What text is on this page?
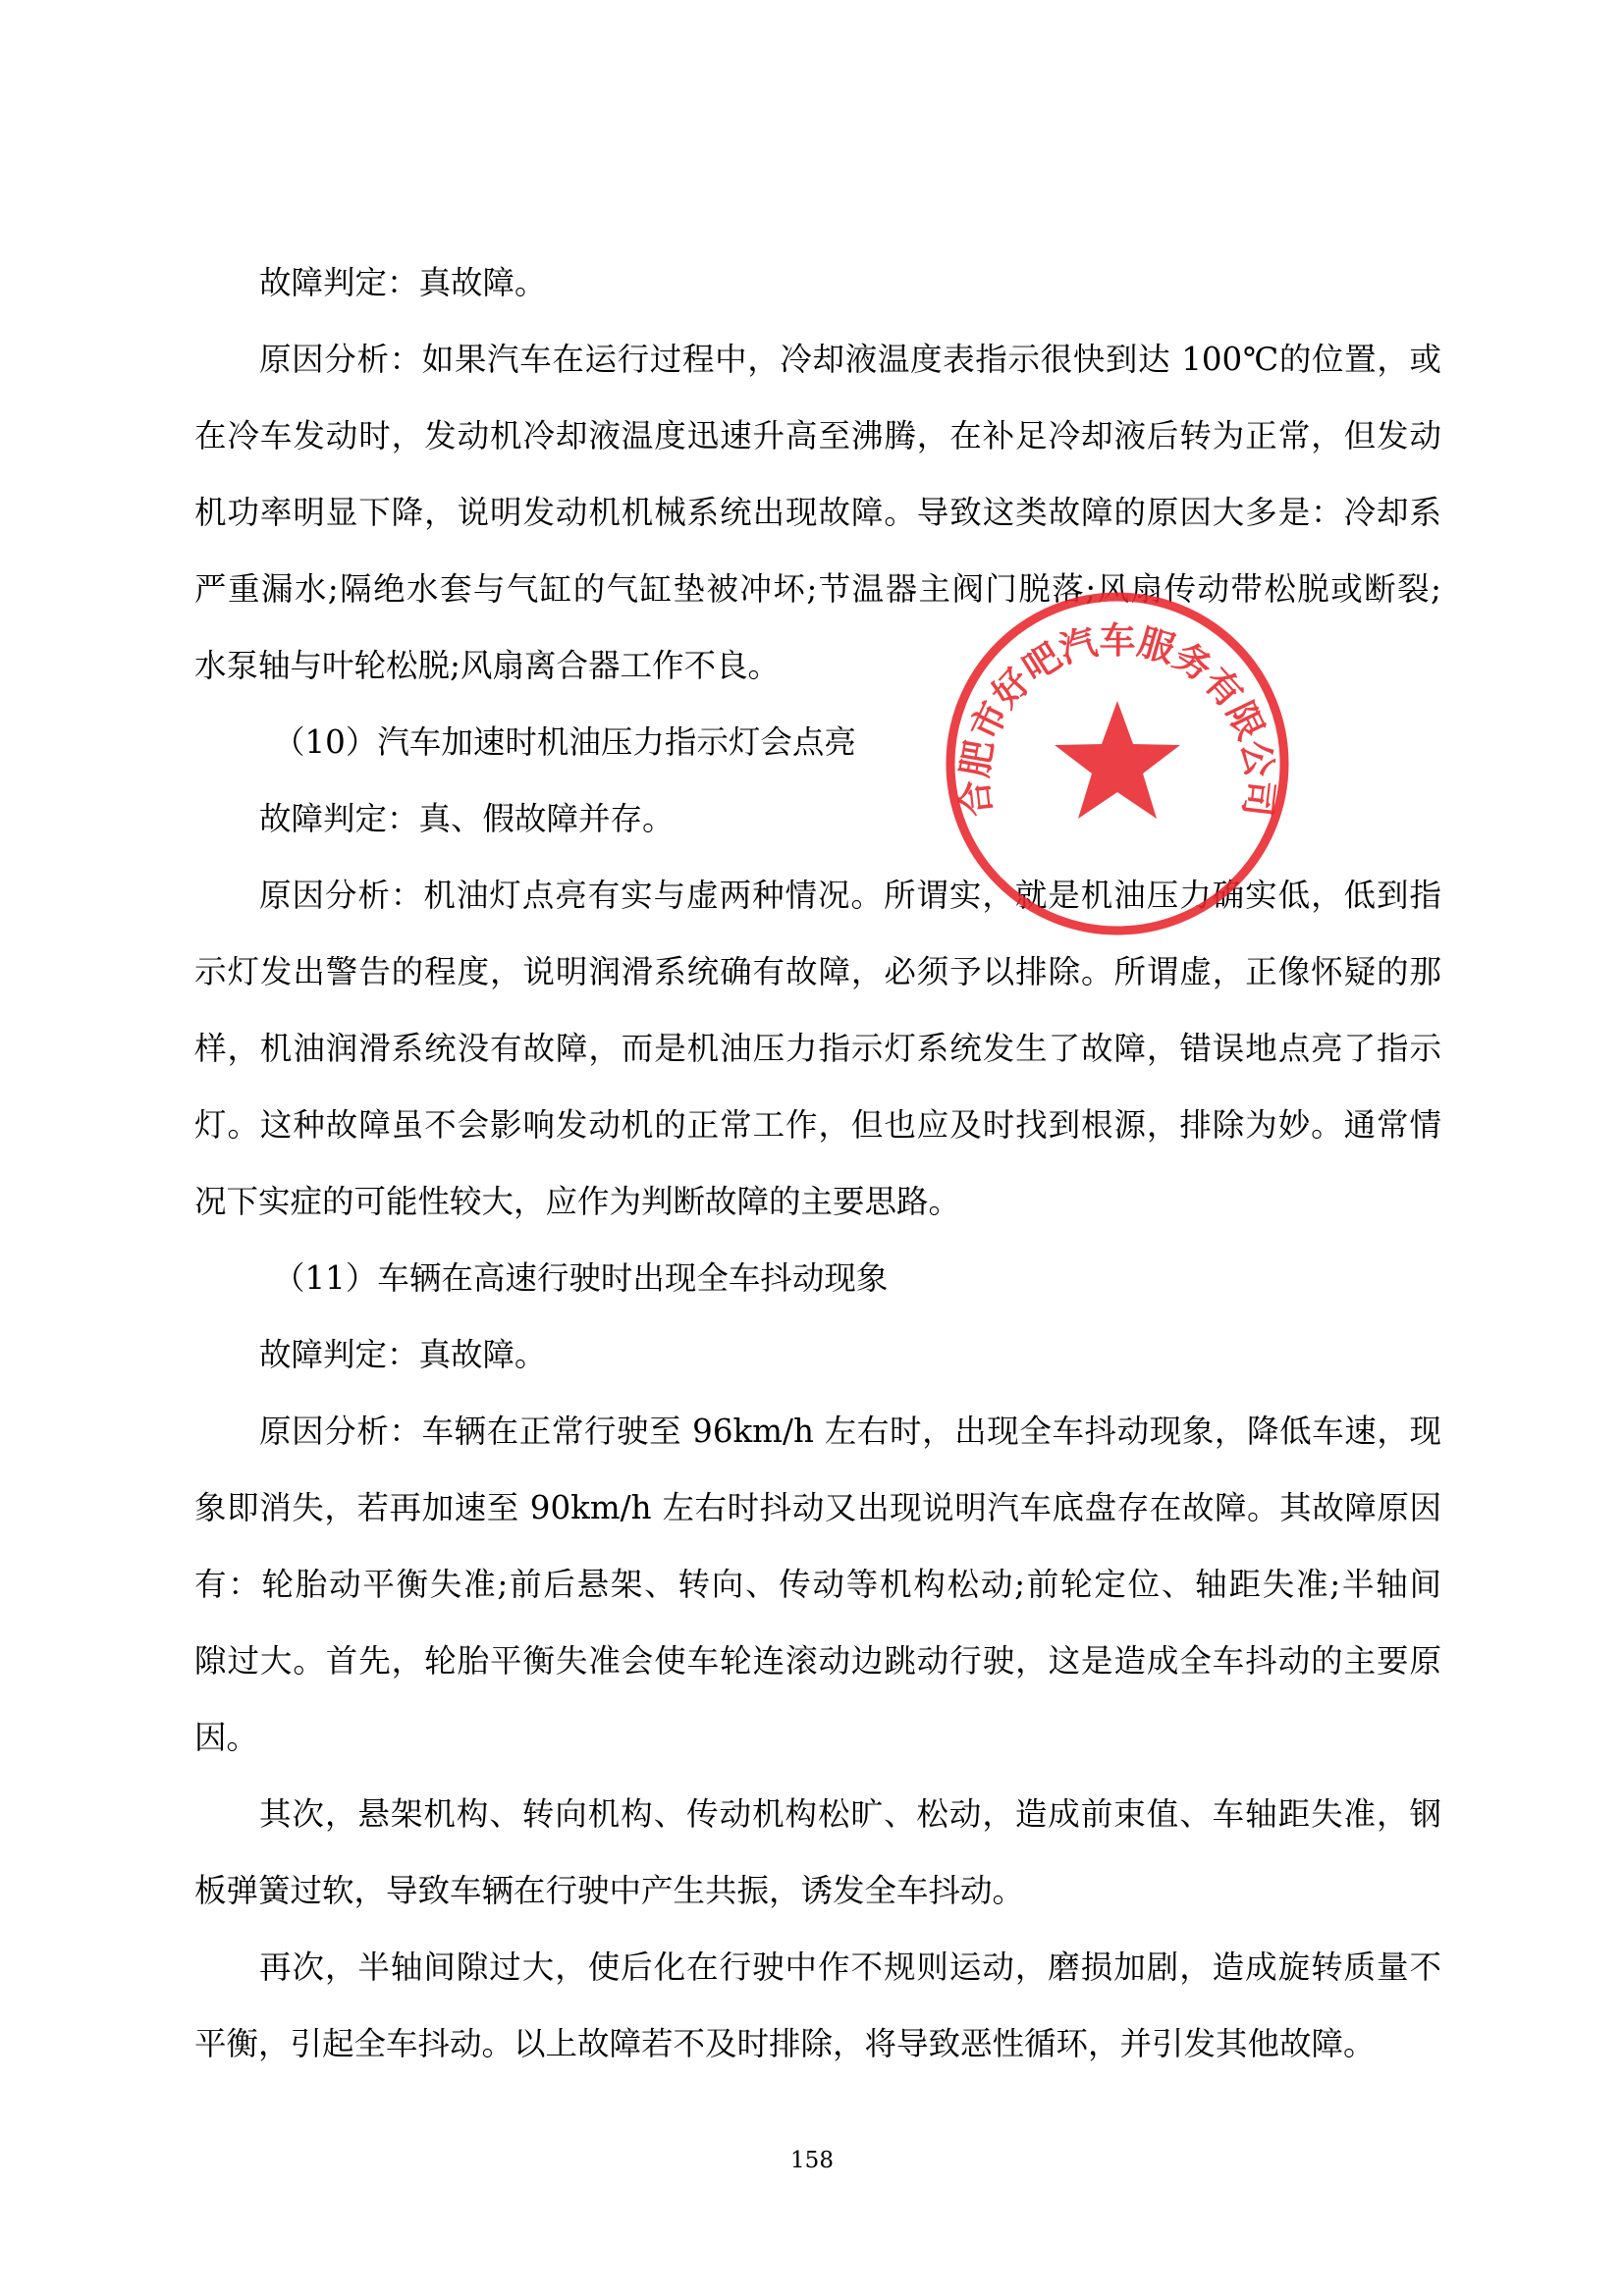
故障判定：真故障。
原因分析：如果汽车在运行过程中，冷却液温度表指示很快到达 100℃的位置，或
在冷车发动时，发动机冷却液温度迅速升高至沸腾，在补足冷却液后转为正常，但发动
机功率明显下降，说明发动机机械系统出现故障。导致这类故障的原因大多是：冷却系
严重漏水;隔绝水套与气缸的气缸垫被冲坏;节温器主阀门脱落;风扇传动带松脱或断裂;
水泵轴与叶轮松脱;风扇离合器工作不良。
（10）汽车加速时机油压力指示灯会点亮
故障判定：真、假故障并存。
原因分析：机油灯点亮有实与虚两种情况。所谓实，就是机油压力确实低，低到指
示灯发出警告的程度，说明润滑系统确有故障，必须予以排除。所谓虚，正像怀疑的那
样，机油润滑系统没有故障，而是机油压力指示灯系统发生了故障，错误地点亮了指示
灯。这种故障虽不会影响发动机的正常工作，但也应及时找到根源，排除为妙。通常情
况下实症的可能性较大，应作为判断故障的主要思路。
（11）车辆在高速行驶时出现全车抖动现象
故障判定：真故障。
原因分析：车辆在正常行驶至 96km/h 左右时，出现全车抖动现象，降低车速，现
象即消失，若再加速至 90km/h 左右时抖动又出现说明汽车底盘存在故障。其故障原因
有：轮胎动平衡失准;前后悬架、转向、传动等机构松动;前轮定位、轴距失准;半轴间
隙过大。首先，轮胎平衡失准会使车轮连滚动边跳动行驶，这是造成全车抖动的主要原
因。
其次，悬架机构、转向机构、传动机构松旷、松动，造成前束值、车轴距失准，钢
板弹簧过软，导致车辆在行驶中产生共振，诱发全车抖动。
再次，半轴间隙过大，使后化在行驶中作不规则运动，磨损加剧，造成旋转质量不
平衡，引起全车抖动。以上故障若不及时排除，将导致恶性循环，并引发其他故障。
158
合肥市好吧汽车服务有限公司
